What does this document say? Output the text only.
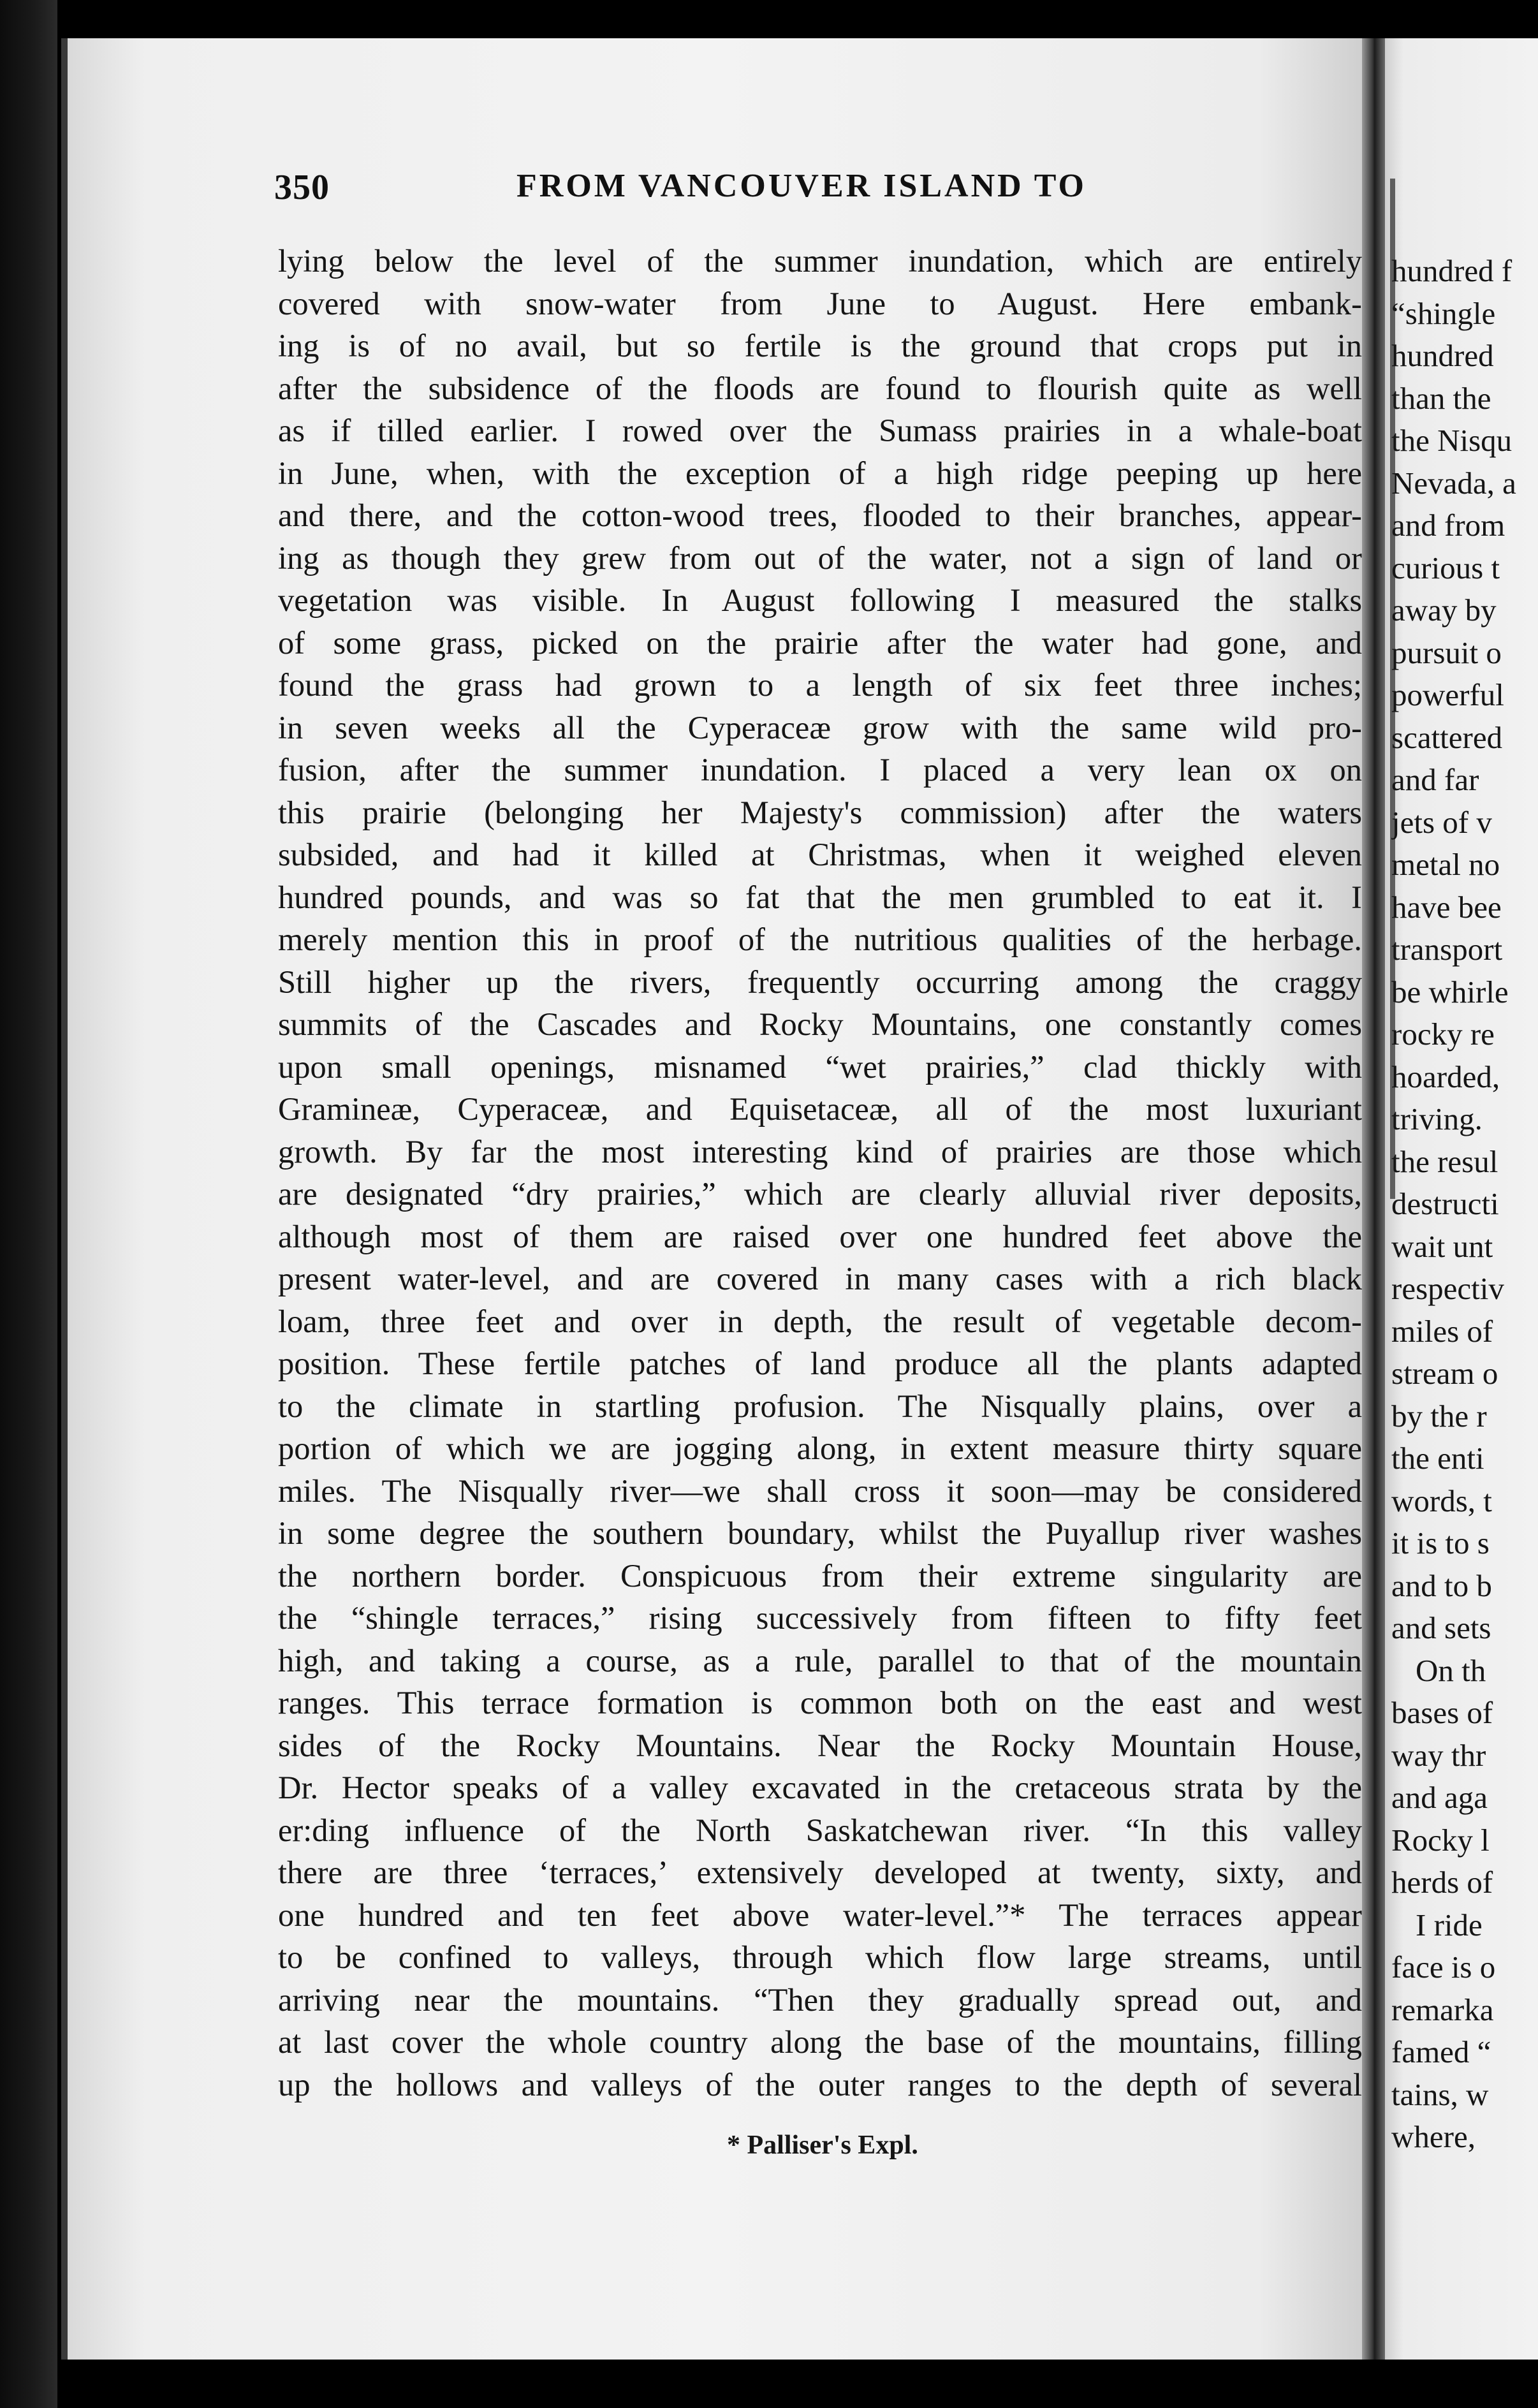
350	FROM VANCOUVER ISLAND TO
lying below the level of the summer inundation, which are entirely
covered with snow-water from June to August. Here embank-
ing is of no avail, but so fertile is the ground that crops put in
after the subsidence of the floods are found to flourish quite as well
as if tilled earlier. I rowed over the Sumass prairies in a whale-boat
in June, when, with the exception of a high ridge peeping up here
and there, and the cotton-wood trees, flooded to their branches, appear-
ing as though they grew from out of the water, not a sign of land or
vegetation was visible. In August following I measured the stalks
of some grass, picked on the prairie after the water had gone, and
found the grass had grown to a length of six feet three inches;
in seven weeks all the Cyperaceæ grow with the same wild pro-
fusion, after the summer inundation. I placed a very lean ox on
this prairie (belonging her Majesty's commission) after the waters
subsided, and had it killed at Christmas, when it weighed eleven
hundred pounds, and was so fat that the men grumbled to eat it. I
merely mention this in proof of the nutritious qualities of the herbage.
Still higher up the rivers, frequently occurring among the craggy
summits of the Cascades and Rocky Mountains, one constantly comes
upon small openings, misnamed “wet prairies,” clad thickly with
Gramineæ, Cyperaceæ, and Equisetaceæ, all of the most luxuriant
growth. By far the most interesting kind of prairies are those which
are designated “dry prairies,” which are clearly alluvial river deposits,
although most of them are raised over one hundred feet above the
present water-level, and are covered in many cases with a rich black
loam, three feet and over in depth, the result of vegetable decom-
position. These fertile patches of land produce all the plants adapted
to the climate in startling profusion. The Nisqually plains, over a
portion of which we are jogging along, in extent measure thirty square
miles. The Nisqually river—we shall cross it soon—may be considered
in some degree the southern boundary, whilst the Puyallup river washes
the northern border. Conspicuous from their extreme singularity are
the “shingle terraces,” rising successively from fifteen to fifty feet
high, and taking a course, as a rule, parallel to that of the mountain
ranges. This terrace formation is common both on the east and west
sides of the Rocky Mountains. Near the Rocky Mountain House,
Dr. Hector speaks of a valley excavated in the cretaceous strata by the
er:ding influence of the North Saskatchewan river. “In this valley
there are three ‘terraces,’ extensively developed at twenty, sixty, and
one hundred and ten feet above water-level.”* The terraces appear
to be confined to valleys, through which flow large streams, until
arriving near the mountains. “Then they gradually spread out, and
at last cover the whole country along the base of the mountains, filling
up the hollows and valleys of the outer ranges to the depth of several
* Palliser's Expl.
hundred f
“shingle
hundred
than the
the Nisqu
Nevada, a
and from
curious t
away by
pursuit o
powerful
scattered
and far
jets of v
metal no
have bee
transport
be whirle
rocky re
hoarded,
triving.
the resul
destructi
wait unt
respectiv
miles of
stream o
by the r
the enti
words, t
it is to s
and to b
and sets
On th
bases of
way thr
and aga
Rocky l
herds of
I ride
face is o
remarka
famed “
tains, w
where,
